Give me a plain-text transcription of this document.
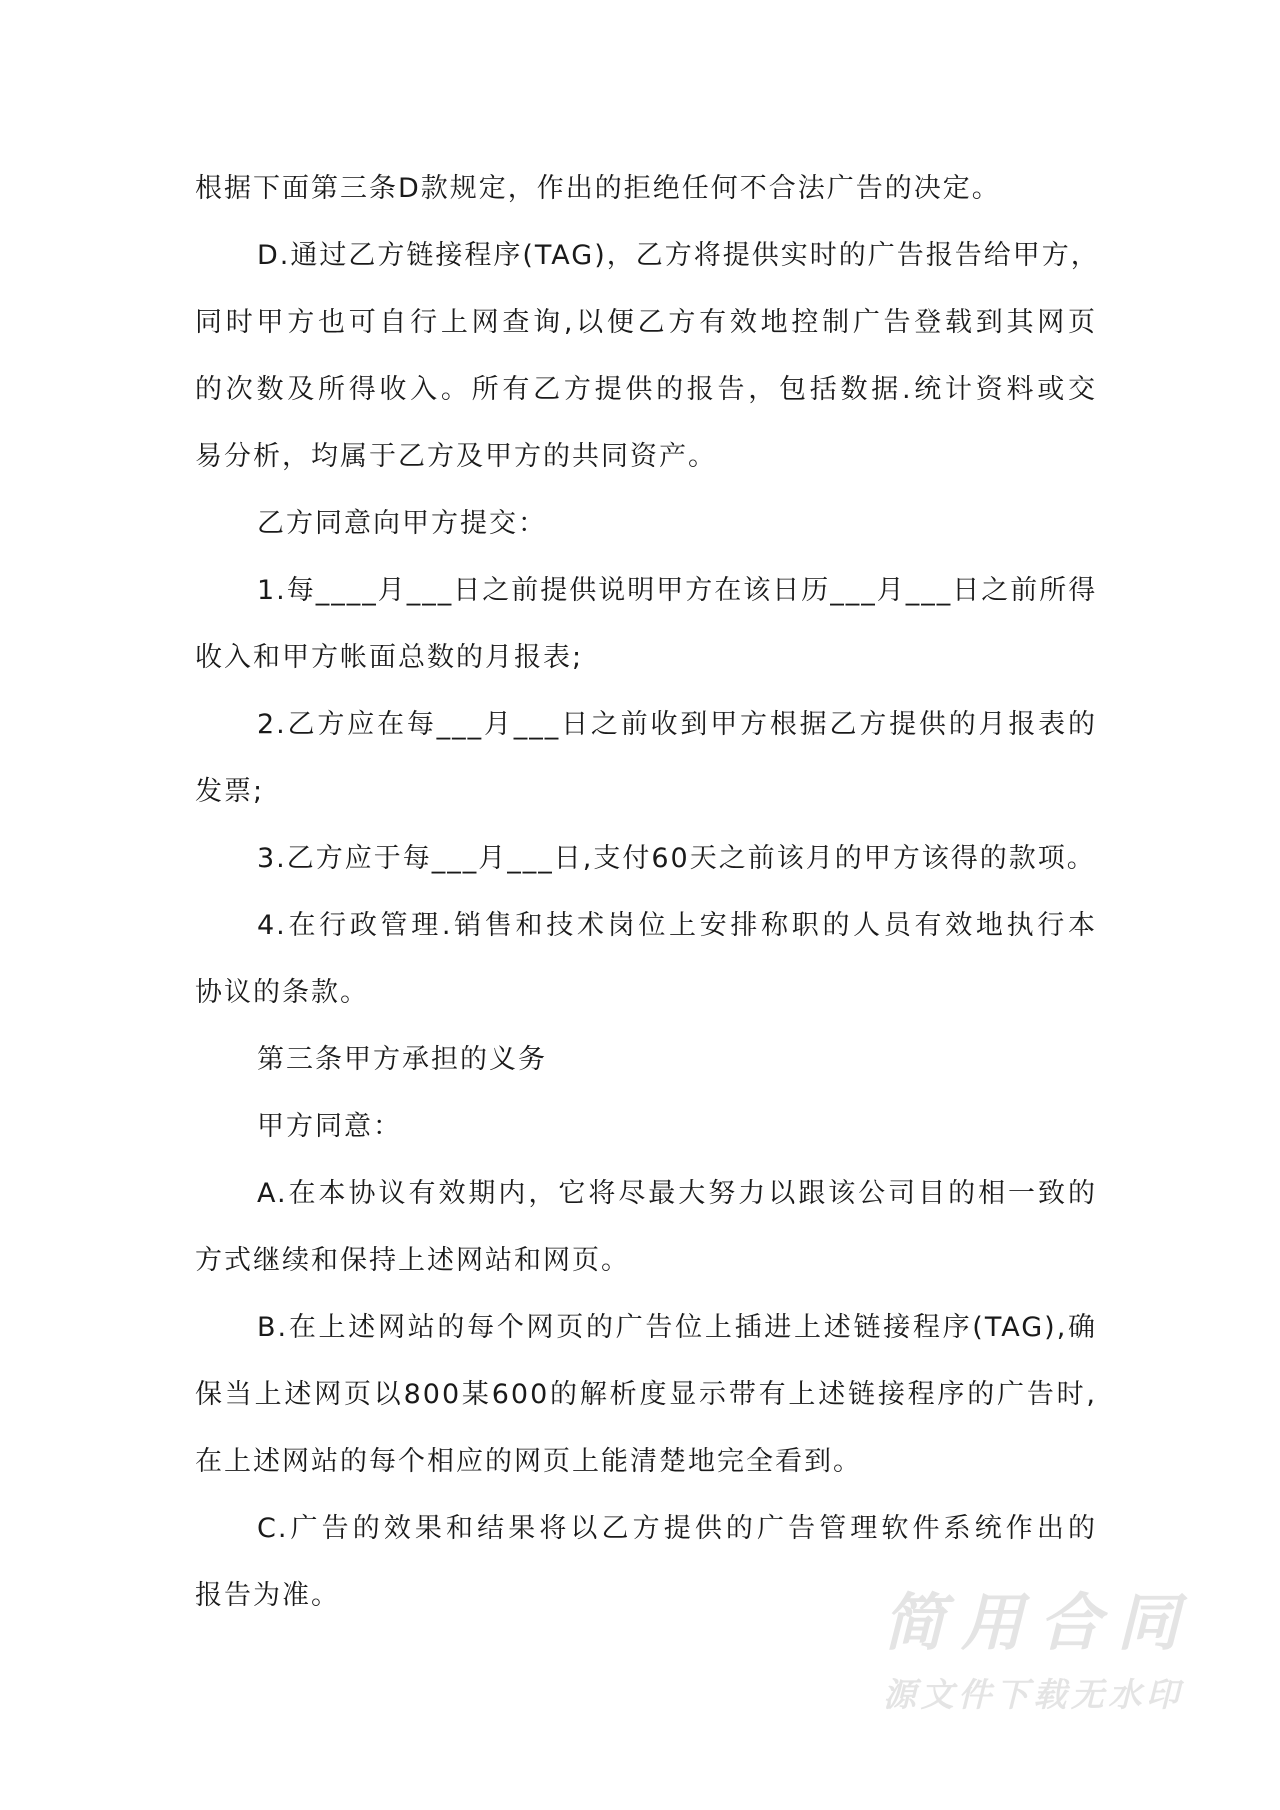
根据下面第三条D款规定，作出的拒绝任何不合法广告的决定。
D.通过乙方链接程序(TAG)，乙方将提供实时的广告报告给甲方，
同时甲方也可自行上网查询,以便乙方有效地控制广告登载到其网页
的次数及所得收入。所有乙方提供的报告，包括数据.统计资料或交
易分析，均属于乙方及甲方的共同资产。
乙方同意向甲方提交：
1.每____月___日之前提供说明甲方在该日历___月___日之前所得
收入和甲方帐面总数的月报表;
2.乙方应在每___月___日之前收到甲方根据乙方提供的月报表的
发票;
3.乙方应于每___月___日,支付60天之前该月的甲方该得的款项。
4.在行政管理.销售和技术岗位上安排称职的人员有效地执行本
协议的条款。
第三条甲方承担的义务
甲方同意：
A.在本协议有效期内，它将尽最大努力以跟该公司目的相一致的
方式继续和保持上述网站和网页。
B.在上述网站的每个网页的广告位上插进上述链接程序(TAG),确
保当上述网页以800某600的解析度显示带有上述链接程序的广告时,
在上述网站的每个相应的网页上能清楚地完全看到。
C.广告的效果和结果将以乙方提供的广告管理软件系统作出的
报告为准。	简用合同
源文件下载无水印
